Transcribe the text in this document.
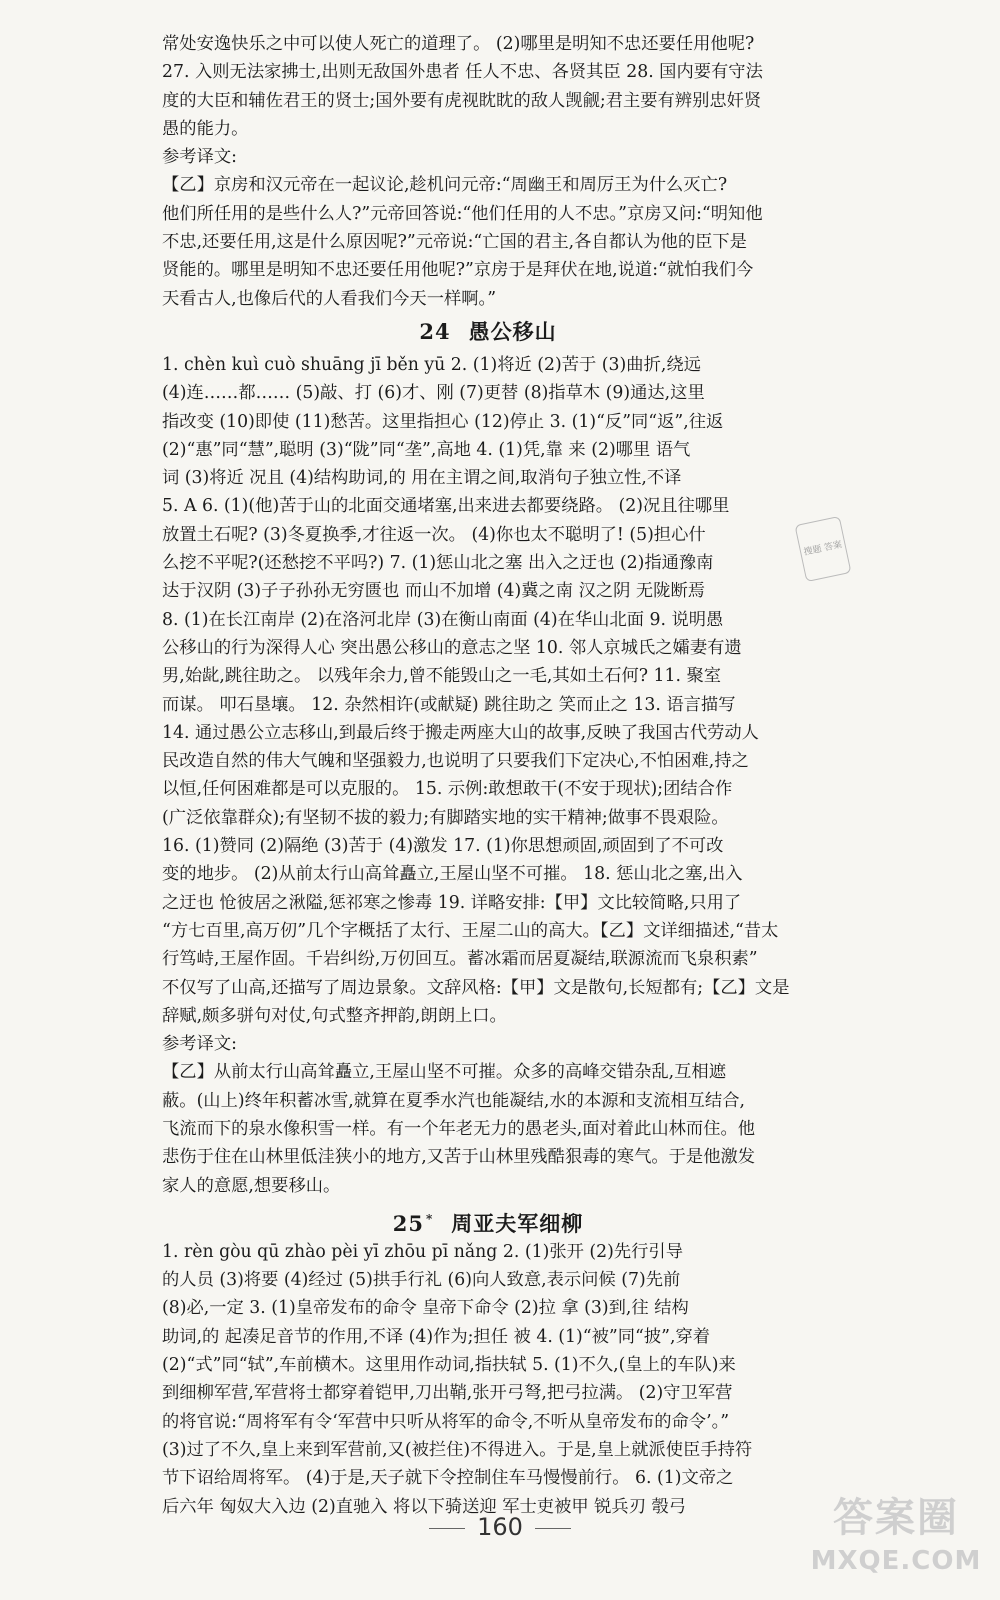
常处安逸快乐之中可以使人死亡的道理了。 (2)哪里是明知不忠还要任用他呢?

27. 入则无法家拂士,出则无敌国外患者 任人不忠、各贤其臣 28. 国内要有守法

度的大臣和辅佐君王的贤士;国外要有虎视眈眈的敌人觊觎;君主要有辨别忠奸贤

愚的能力。

参考译文:

【乙】京房和汉元帝在一起议论,趁机问元帝:“周幽王和周厉王为什么灭亡?

他们所任用的是些什么人?”元帝回答说:“他们任用的人不忠。”京房又问:“明知他

不忠,还要任用,这是什么原因呢?”元帝说:“亡国的君主,各自都认为他的臣下是

贤能的。哪里是明知不忠还要任用他呢?”京房于是拜伏在地,说道:“就怕我们今

天看古人,也像后代的人看我们今天一样啊。”

24 愚公移山

1. chèn kuì cuò shuāng jī běn yū 2. (1)将近 (2)苦于 (3)曲折,绕远

(4)连……都…… (5)敲、打 (6)才、刚 (7)更替 (8)指草木 (9)通达,这里

指改变 (10)即使 (11)愁苦。这里指担心 (12)停止 3. (1)“反”同“返”,往返

(2)“惠”同“慧”,聪明 (3)“陇”同“垄”,高地 4. (1)凭,靠 来 (2)哪里 语气

词 (3)将近 况且 (4)结构助词,的 用在主谓之间,取消句子独立性,不译

5. A 6. (1)(他)苦于山的北面交通堵塞,出来进去都要绕路。 (2)况且往哪里

放置土石呢? (3)冬夏换季,才往返一次。 (4)你也太不聪明了! (5)担心什

么挖不平呢?(还愁挖不平吗?) 7. (1)惩山北之塞 出入之迂也 (2)指通豫南

达于汉阴 (3)子子孙孙无穷匮也 而山不加增 (4)冀之南 汉之阴 无陇断焉

8. (1)在长江南岸 (2)在洛河北岸 (3)在衡山南面 (4)在华山北面 9. 说明愚

公移山的行为深得人心 突出愚公移山的意志之坚 10. 邻人京城氏之孀妻有遗

男,始龀,跳往助之。 以残年余力,曾不能毁山之一毛,其如土石何? 11. 聚室

而谋。 叩石垦壤。 12. 杂然相许(或献疑) 跳往助之 笑而止之 13. 语言描写

14. 通过愚公立志移山,到最后终于搬走两座大山的故事,反映了我国古代劳动人

民改造自然的伟大气魄和坚强毅力,也说明了只要我们下定决心,不怕困难,持之

以恒,任何困难都是可以克服的。 15. 示例:敢想敢干(不安于现状);团结合作

(广泛依靠群众);有坚韧不拔的毅力;有脚踏实地的实干精神;做事不畏艰险。

16. (1)赞同 (2)隔绝 (3)苦于 (4)激发 17. (1)你思想顽固,顽固到了不可改

变的地步。 (2)从前太行山高耸矗立,王屋山坚不可摧。 18. 惩山北之塞,出入

之迂也 怆彼居之湫隘,惩祁寒之惨毒 19. 详略安排:【甲】文比较简略,只用了

“方七百里,高万仞”几个字概括了太行、王屋二山的高大。【乙】文详细描述,“昔太

行笃峙,王屋作固。千岩纠纷,万仞回互。蓄冰霜而居夏凝结,联源流而飞泉积素”

不仅写了山高,还描写了周边景象。文辞风格:【甲】文是散句,长短都有;【乙】文是

辞赋,颇多骈句对仗,句式整齐押韵,朗朗上口。

参考译文:

【乙】从前太行山高耸矗立,王屋山坚不可摧。众多的高峰交错杂乱,互相遮

蔽。(山上)终年积蓄冰雪,就算在夏季水汽也能凝结,水的本源和支流相互结合,

飞流而下的泉水像积雪一样。有一个年老无力的愚老头,面对着此山林而住。他

悲伤于住在山林里低洼狭小的地方,又苦于山林里残酷狠毒的寒气。于是他激发

家人的意愿,想要移山。

25 * 周亚夫军细柳

1. rèn gòu qū zhào pèi yī zhōu pī nǎng 2. (1)张开 (2)先行引导

的人员 (3)将要 (4)经过 (5)拱手行礼 (6)向人致意,表示问候 (7)先前

(8)必,一定 3. (1)皇帝发布的命令 皇帝下命令 (2)拉 拿 (3)到,往 结构

助词,的 起凑足音节的作用,不译 (4)作为;担任 被 4. (1)“被”同“披”,穿着

(2)“式”同“轼”,车前横木。这里用作动词,指扶轼 5. (1)不久,(皇上的车队)来

到细柳军营,军营将士都穿着铠甲,刀出鞘,张开弓弩,把弓拉满。 (2)守卫军营

的将官说:“周将军有令‘军营中只听从将军的命令,不听从皇帝发布的命令’。”

(3)过了不久,皇上来到军营前,又(被拦住)不得进入。于是,皇上就派使臣手持符

节下诏给周将军。 (4)于是,天子就下令控制住车马慢慢前行。 6. (1)文帝之

后六年 匈奴大入边 (2)直驰入 将以下骑送迎 军士吏被甲 锐兵刃 彀弓

搜题 答案
160	答案圈
MXQE.COM
